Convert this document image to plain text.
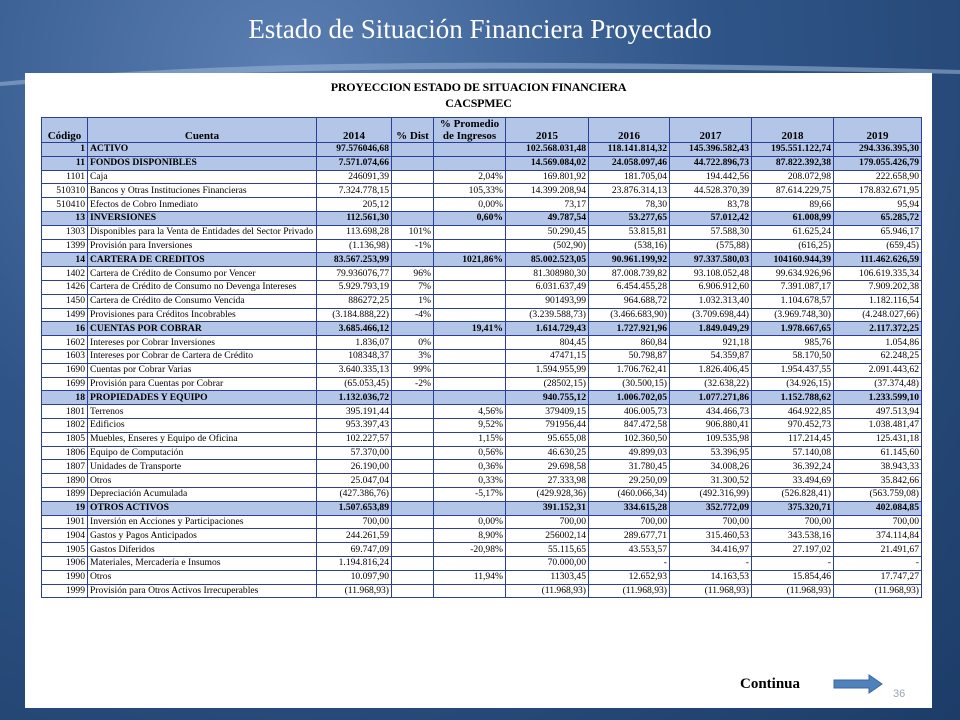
Estado de Situación Financiera Proyectado
PROYECCION ESTADO DE SITUACION FINANCIERA
CACSPMEC
Código	Cuenta	2014	% Dist	% Promedio de Ingresos	2015	2016	2017	2018	2019

1	ACTIVO	97.576046,68			102.568.031,48	118.141.814,32	145.396.582,43	195.551.122,74	294.336.395,30
11	FONDOS DISPONIBLES	7.571.074,66			14.569.084,02	24.058.097,46	44.722.896,73	87.822.392,38	179.055.426,79
1101	Caja	246091,39		2,04%	169.801,92	181.705,04	194.442,56	208.072,98	222.658,90
510310	Bancos y Otras Instituciones Financieras	7.324.778,15		105,33%	14.399.208,94	23.876.314,13	44.528.370,39	87.614.229,75	178.832.671,95
510410	Efectos de Cobro Inmediato	205,12		0,00%	73,17	78,30	83,78	89,66	95,94
13	INVERSIONES	112.561,30		0,60%	49.787,54	53.277,65	57.012,42	61.008,99	65.285,72
1303	Disponibles para la Venta de Entidades del Sector Privado	113.698,28	101%		50.290,45	53.815,81	57.588,30	61.625,24	65.946,17
1399	Provisión para Inversiones	(1.136,98)	-1%		(502,90)	(538,16)	(575,88)	(616,25)	(659,45)
14	CARTERA DE CREDITOS	83.567.253,99		1021,86%	85.002.523,05	90.961.199,92	97.337.580,03	104160.944,39	111.462.626,59
1402	Cartera de Crédito de Consumo por Vencer	79.936076,77	96%		81.308980,30	87.008.739,82	93.108.052,48	99.634.926,96	106.619.335,34
1426	Cartera de Crédito de Consumo no Devenga Intereses	5.929.793,19	7%		6.031.637,49	6.454.455,28	6.906.912,60	7.391.087,17	7.909.202,38
1450	Cartera de Crédito de Consumo Vencida	886272,25	1%		901493,99	964.688,72	1.032.313,40	1.104.678,57	1.182.116,54
1499	Provisiones para Créditos Incobrables	(3.184.888,22)	-4%		(3.239.588,73)	(3.466.683,90)	(3.709.698,44)	(3.969.748,30)	(4.248.027,66)
16	CUENTAS POR COBRAR	3.685.466,12		19,41%	1.614.729,43	1.727.921,96	1.849.049,29	1.978.667,65	2.117.372,25
1602	Intereses por Cobrar Inversiones	1.836,07	0%		804,45	860,84	921,18	985,76	1.054,86
1603	Intereses por Cobrar de Cartera de Crédito	108348,37	3%		47471,15	50.798,87	54.359,87	58.170,50	62.248,25
1690	Cuentas por Cobrar Varias	3.640.335,13	99%		1.594.955,99	1.706.762,41	1.826.406,45	1.954.437,55	2.091.443,62
1699	Provisión para Cuentas por Cobrar	(65.053,45)	-2%		(28502,15)	(30.500,15)	(32.638,22)	(34.926,15)	(37.374,48)
18	PROPIEDADES Y EQUIPO	1.132.036,72			940.755,12	1.006.702,05	1.077.271,86	1.152.788,62	1.233.599,10
1801	Terrenos	395.191,44		4,56%	379409,15	406.005,73	434.466,73	464.922,85	497.513,94
1802	Edificios	953.397,43		9,52%	791956,44	847.472,58	906.880,41	970.452,73	1.038.481,47
1805	Muebles, Enseres y Equipo de Oficina	102.227,57		1,15%	95.655,08	102.360,50	109.535,98	117.214,45	125.431,18
1806	Equipo de Computación	57.370,00		0,56%	46.630,25	49.899,03	53.396,95	57.140,08	61.145,60
1807	Unidades de Transporte	26.190,00		0,36%	29.698,58	31.780,45	34.008,26	36.392,24	38.943,33
1890	Otros	25.047,04		0,33%	27.333,98	29.250,09	31.300,52	33.494,69	35.842,66
1899	Depreciación Acumulada	(427.386,76)		-5,17%	(429.928,36)	(460.066,34)	(492.316,99)	(526.828,41)	(563.759,08)
19	OTROS ACTIVOS	1.507.653,89			391.152,31	334.615,28	352.772,09	375.320,71	402.084,85
1901	Inversión en Acciones y Participaciones	700,00		0,00%	700,00	700,00	700,00	700,00	700,00
1904	Gastos y Pagos Anticipados	244.261,59		8,90%	256002,14	289.677,71	315.460,53	343.538,16	374.114,84
1905	Gastos Diferidos	69.747,09		-20,98%	55.115,65	43.553,57	34.416,97	27.197,02	21.491,67
1906	Materiales, Mercadería e Insumos	1.194.816,24			70.000,00	-	-	-	-
1990	Otros	10.097,90		11,94%	11303,45	12.652,93	14.163,53	15.854,46	17.747,27
1999	Provisión para Otros Activos Irrecuperables	(11.968,93)			(11.968,93)	(11.968,93)	(11.968,93)	(11.968,93)	(11.968,93)
Continua
36
